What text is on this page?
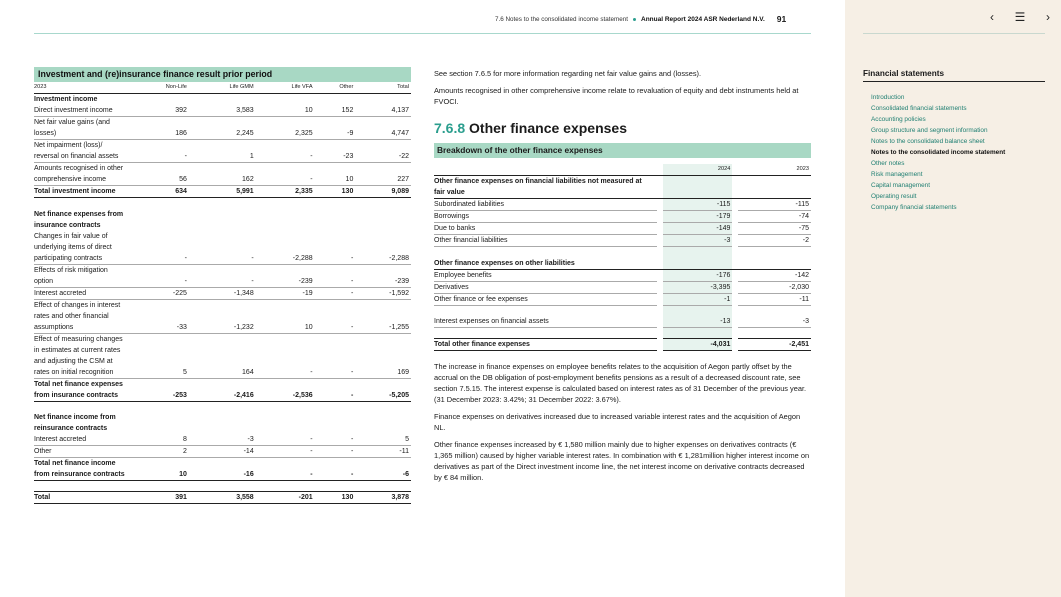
7.6 Notes to the consolidated income statement Annual Report 2024 ASR Nederland N.V. 91
Investment and (re)insurance finance result prior period
2023	Non-Life	Life GMM	Life VFA	Other	Total
Investment income					
Direct investment income	392	3,583	10	152	4,137
Net fair value gains (and losses)	186	2,245	2,325	-9	4,747
Net impairment (loss)/ reversal on financial assets	-	1	-	-23	-22
Amounts recognised in other comprehensive income	56	162	-	10	227
Total investment income	634	5,991	2,335	130	9,089

Net finance expenses from insurance contracts					
Changes in fair value of underlying items of direct participating contracts	-	-	-2,288	-	-2,288
Effects of risk mitigation option	-	-	-239	-	-239
Interest accreted	-225	-1,348	-19	-	-1,592
Effect of changes in interest rates and other financial assumptions	-33	-1,232	10	-	-1,255
Effect of measuring changes in estimates at current rates and adjusting the CSM at rates on initial recognition	5	164	-	-	169
Total net finance expenses from insurance contracts	-253	-2,416	-2,536	-	-5,205

Net finance income from reinsurance contracts					
Interest accreted	8	-3	-	-	5
Other	2	-14	-	-	-11
Total net finance income from reinsurance contracts	10	-16	-	-	-6

Total	391	3,558	-201	130	3,878

See section 7.6.5 for more information regarding net fair value gains and (losses).

Amounts recognised in other comprehensive income relate to revaluation of equity and debt instruments held at FVOCI.

7.6.8 Other finance expenses
Breakdown of the other finance expenses
		2024		2023
Other finance expenses on financial liabilities not measured at fair value				
Subordinated liabilities		-115		-115
Borrowings		-179		-74
Due to banks		-149		-75
Other financial liabilities		-3		-2

Other finance expenses on other liabilities				
Employee benefits		-176		-142
Derivatives		-3,395		-2,030
Other finance or fee expenses		-1		-11

Interest expenses on financial assets		-13		-3

Total other finance expenses		-4,031		-2,451

The increase in finance expenses on employee benefits relates to the acquisition of Aegon partly offset by the accrual on the DB obligation of post-employment benefits pensions as a result of a decreased discount rate, see section 7.5.15. The interest expense is calculated based on interest rates as of 31 December of the previous year. (31 December 2023: 3.42%; 31 December 2022: 3.67%).

Finance expenses on derivatives increased due to increased variable interest rates and the acquisition of Aegon NL.

Other finance expenses increased by € 1,580 million mainly due to higher expenses on derivatives contracts (€ 1,365 million) caused by higher variable interest rates. In combination with € 1,281million higher interest income on derivatives as part of the Direct investment income line, the net interest income on derivative contracts decreased by € 84 million.

‹	☰	›
Financial statements
Introduction
Consolidated financial statements
Accounting policies
Group structure and segment information
Notes to the consolidated balance sheet
Notes to the consolidated income statement
Other notes
Risk management
Capital management
Operating result
Company financial statements
